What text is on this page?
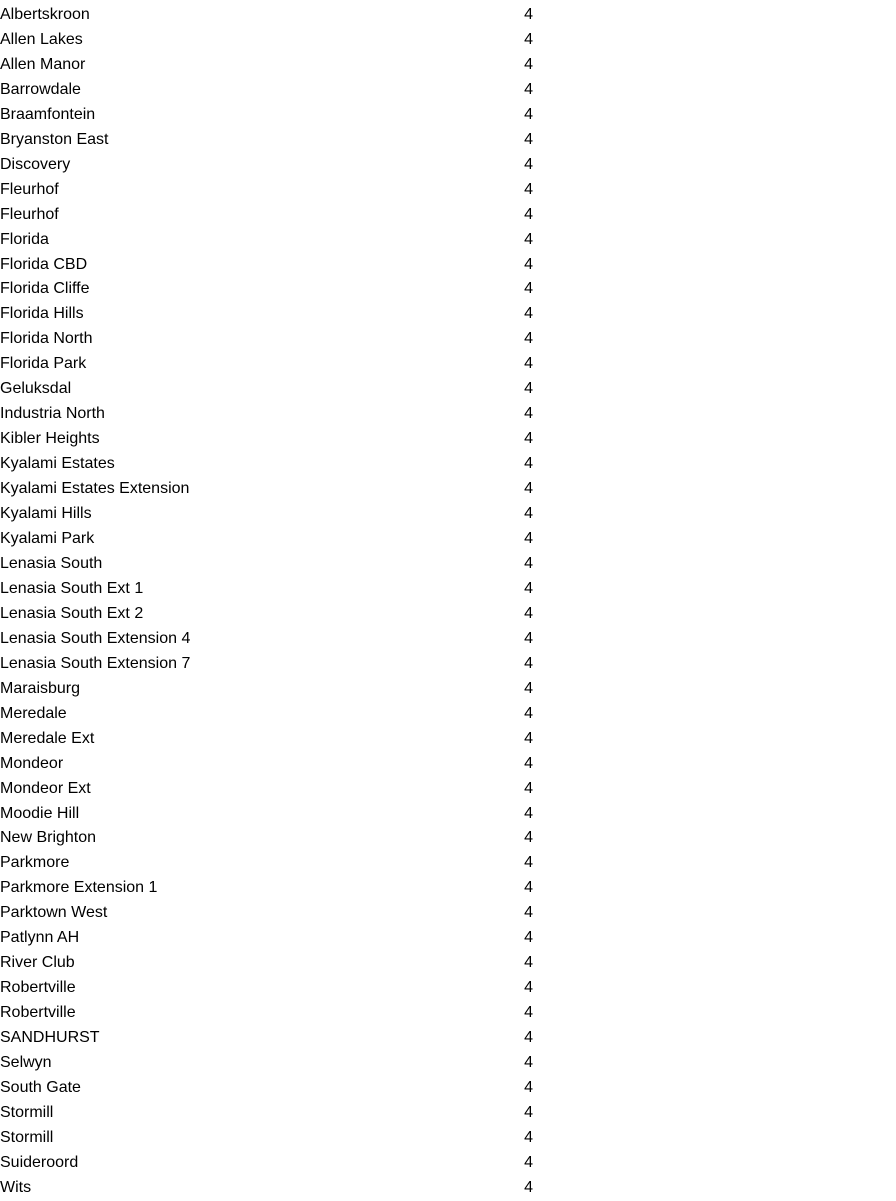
Albertskroon	4
Allen Lakes	4
Allen Manor	4
Barrowdale	4
Braamfontein	4
Bryanston East	4
Discovery	4
Fleurhof	4
Fleurhof	4
Florida	4
Florida CBD	4
Florida Cliffe	4
Florida Hills	4
Florida North	4
Florida Park	4
Geluksdal	4
Industria North	4
Kibler Heights	4
Kyalami Estates	4
Kyalami Estates Extension	4
Kyalami Hills	4
Kyalami Park	4
Lenasia South	4
Lenasia South Ext 1	4
Lenasia South Ext 2	4
Lenasia South Extension 4	4
Lenasia South Extension 7	4
Maraisburg	4
Meredale	4
Meredale Ext	4
Mondeor	4
Mondeor Ext	4
Moodie Hill	4
New Brighton	4
Parkmore	4
Parkmore Extension 1	4
Parktown West	4
Patlynn AH	4
River Club	4
Robertville	4
Robertville	4
SANDHURST	4
Selwyn	4
South Gate	4
Stormill	4
Stormill	4
Suideroord	4
Wits	4
